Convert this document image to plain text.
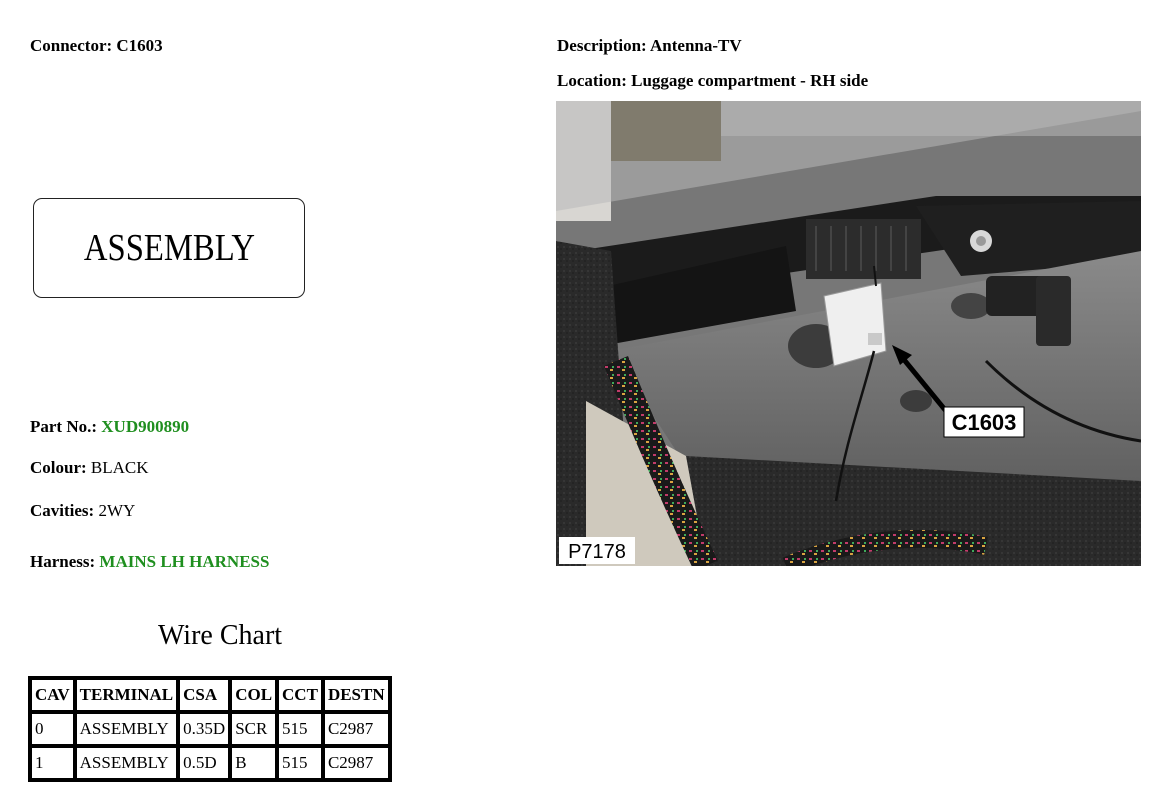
Connector: C1603	Description: Antenna-TV
Location: Luggage compartment - RH side
ASSEMBLY
Part No.: XUD900890
Colour: BLACK
Cavities: 2WY
Harness: MAINS LH HARNESS
Wire Chart
CAV	TERMINAL	CSA	COL	CCT	DESTN
0	ASSEMBLY	0.35D	SCR	515	C2987
1	ASSEMBLY	0.5D	B	515	C2987
C1603
P7178
